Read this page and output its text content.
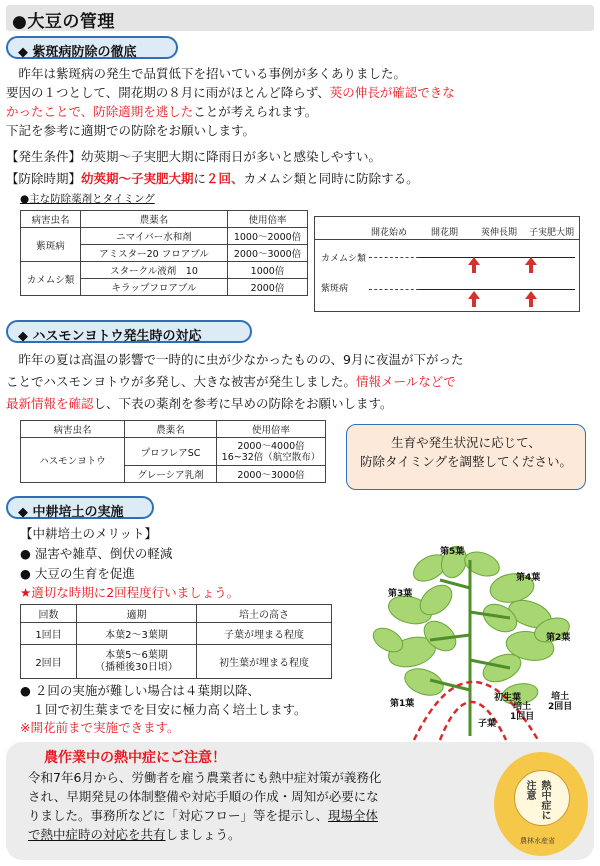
●大豆の管理
◆ 紫斑病防除の徹底
　昨年は紫斑病の発生で品質低下を招いている事例が多くありました。
要因の１つとして、開花期の８月に雨がほとんど降らず、莢の伸長が確認できな
かったことで、防除適期を逃したことが考えられます。
下記を参考に適期での防除をお願いします。
【発生条件】幼莢期～子実肥大期に降雨日が多いと感染しやすい。
【防除時期】幼莢期～子実肥大期に２回、カメムシ類と同時に防除する。
●主な防除薬剤とタイミング
病害虫名	農薬名	使用倍率
紫斑病	ニマイバー水和剤	1000～2000倍
	アミスター20 フロアブル	2000～3000倍
カメムシ類	スタークル液剤　10	1000倍
	キラップフロアブル	2000倍
開花始め	開花期	莢伸長期 子実肥大期
カメムシ類
紫斑病
◆ ハスモンヨトウ発生時の対応
　昨年の夏は高温の影響で一時的に虫が少なかったものの、9月に夜温が下がった
ことでハスモンヨトウが多発し、大きな被害が発生しました。情報メールなどで
最新情報を確認し、下表の薬剤を参考に早めの防除をお願いします。
病害虫名	農薬名	使用倍率
ハスモンヨトウ	プロフレアSC	2000～4000倍
16~32倍（航空散布）

	グレーシア乳剤	2000～3000倍
生育や発生状況に応じて、
防除タイミングを調整してください。
◆ 中耕培土の実施
【中耕培土のメリット】
● 湿害や雑草、倒伏の軽減
● 大豆の生育を促進
★適切な時期に2回程度行いましょう。
回数	適期	培土の高さ
1回目	本葉2～3葉期	子葉が埋まる程度
2回目	本葉5～6葉期
（播種後30日頃）	初生葉が埋まる程度
● ２回の実施が難しい場合は４葉期以降、
　１回で初生葉までを目安に極力高く培土します。
※開花前まで実施できます。
第5葉
第4葉
第3葉
第2葉
第1葉
初生葉
子葉
培土
1回目
培土
2回目
農作業中の熱中症にご注意！
令和7年6月から、労働者を雇う農業者にも熱中症対策が義務化
され、早期発見の体制整備や対応手順の作成・周知が必要にな
りました。事務所などに「対応フロー」等を提示し、現場全体
で熱中症時の対応を共有しましょう。
熱中症に注意
農林水産省
